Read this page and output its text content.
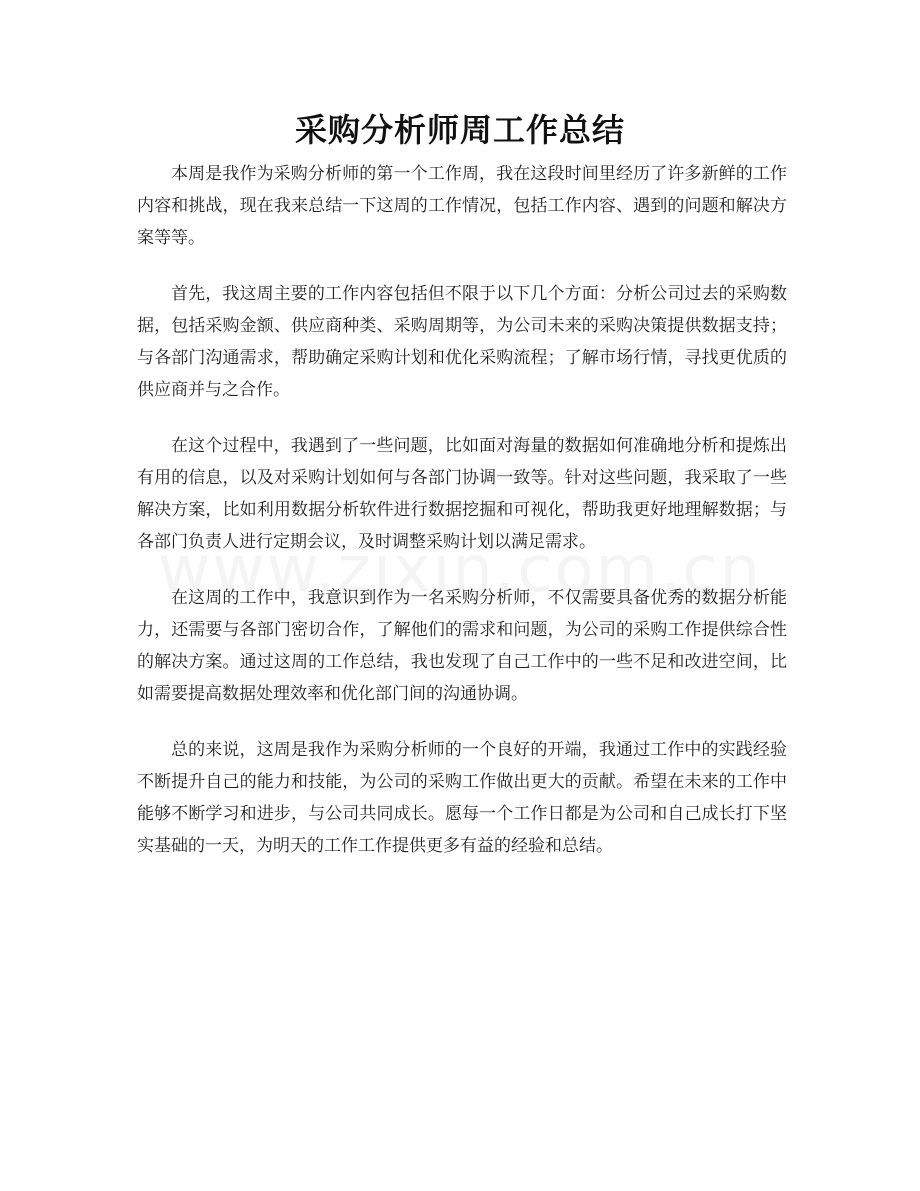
采购分析师周工作总结

本周是我作为采购分析师的第一个工作周，我在这段时间里经历了许多新鲜的工作内容和挑战，现在我来总结一下这周的工作情况，包括工作内容、遇到的问题和解决方案等等。

首先，我这周主要的工作内容包括但不限于以下几个方面：分析公司过去的采购数据，包括采购金额、供应商种类、采购周期等，为公司未来的采购决策提供数据支持；与各部门沟通需求，帮助确定采购计划和优化采购流程；了解市场行情，寻找更优质的供应商并与之合作。

在这个过程中，我遇到了一些问题，比如面对海量的数据如何准确地分析和提炼出有用的信息，以及对采购计划如何与各部门协调一致等。针对这些问题，我采取了一些解决方案，比如利用数据分析软件进行数据挖掘和可视化，帮助我更好地理解数据；与各部门负责人进行定期会议，及时调整采购计划以满足需求。

在这周的工作中，我意识到作为一名采购分析师，不仅需要具备优秀的数据分析能力，还需要与各部门密切合作，了解他们的需求和问题，为公司的采购工作提供综合性的解决方案。通过这周的工作总结，我也发现了自己工作中的一些不足和改进空间，比如需要提高数据处理效率和优化部门间的沟通协调。

总的来说，这周是我作为采购分析师的一个良好的开端，我通过工作中的实践经验不断提升自己的能力和技能，为公司的采购工作做出更大的贡献。希望在未来的工作中能够不断学习和进步，与公司共同成长。愿每一个工作日都是为公司和自己成长打下坚实基础的一天，为明天的工作工作提供更多有益的经验和总结。
